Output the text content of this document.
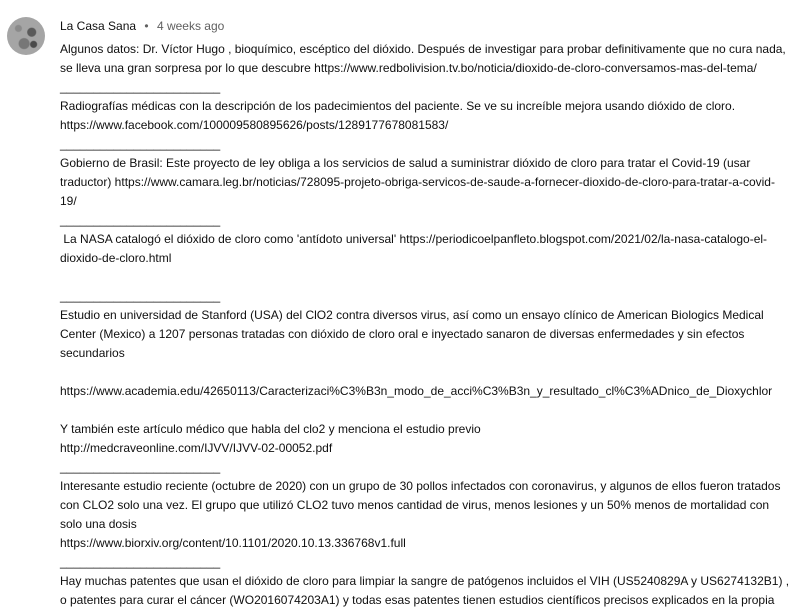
La Casa Sana • 4 weeks ago
Algunos datos: Dr. Víctor Hugo , bioquímico, escéptico del dióxido. Después de investigar para probar definitivamente que no cura nada, se lleva una gran sorpresa por lo que descubre https://www.redbolivision.tv.bo/noticia/dioxido-de-cloro-conversamos-mas-del-tema/
________________________
Radiografías médicas con la descripción de los padecimientos del paciente. Se ve su increíble mejora usando dióxido de cloro.
https://www.facebook.com/100009580895626/posts/1289177678081583/
________________________
Gobierno de Brasil: Este proyecto de ley obliga a los servicios de salud a suministrar dióxido de cloro para tratar el Covid-19 (usar traductor) https://www.camara.leg.br/noticias/728095-projeto-obriga-servicos-de-saude-a-fornecer-dioxido-de-cloro-para-tratar-a-covid-19/
________________________
La NASA catalogó el dióxido de cloro como 'antídoto universal' https://periodicoelpanfleto.blogspot.com/2021/02/la-nasa-catalogo-el-dioxido-de-cloro.html

________________________
Estudio en universidad de Stanford (USA) del ClO2 contra diversos virus, así como un ensayo clínico de American Biologics Medical Center (Mexico) a 1207 personas tratadas con dióxido de cloro oral e inyectado sanaron de diversas enfermedades y sin efectos secundarios

https://www.academia.edu/42650113/Caracterizaci%C3%B3n_modo_de_acci%C3%B3n_y_resultado_cl%C3%ADnico_de_Dioxychlor

Y también este artículo médico que habla del clo2 y menciona el estudio previo
http://medcraveonline.com/IJVV/IJVV-02-00052.pdf
________________________
Interesante estudio reciente (octubre de 2020) con un grupo de 30 pollos infectados con coronavirus, y algunos de ellos fueron tratados con CLO2 solo una vez. El grupo que utilizó CLO2 tuvo menos cantidad de virus, menos lesiones y un 50% menos de mortalidad con solo una dosis
https://www.biorxiv.org/content/10.1101/2020.10.13.336768v1.full
________________________
Hay muchas patentes que usan el dióxido de cloro para limpiar la sangre de patógenos incluidos el VIH (US5240829A y US6274132B1) , o patentes para curar el cáncer (WO2016074203A1) y todas esas patentes tienen estudios científicos precisos explicados en la propia
